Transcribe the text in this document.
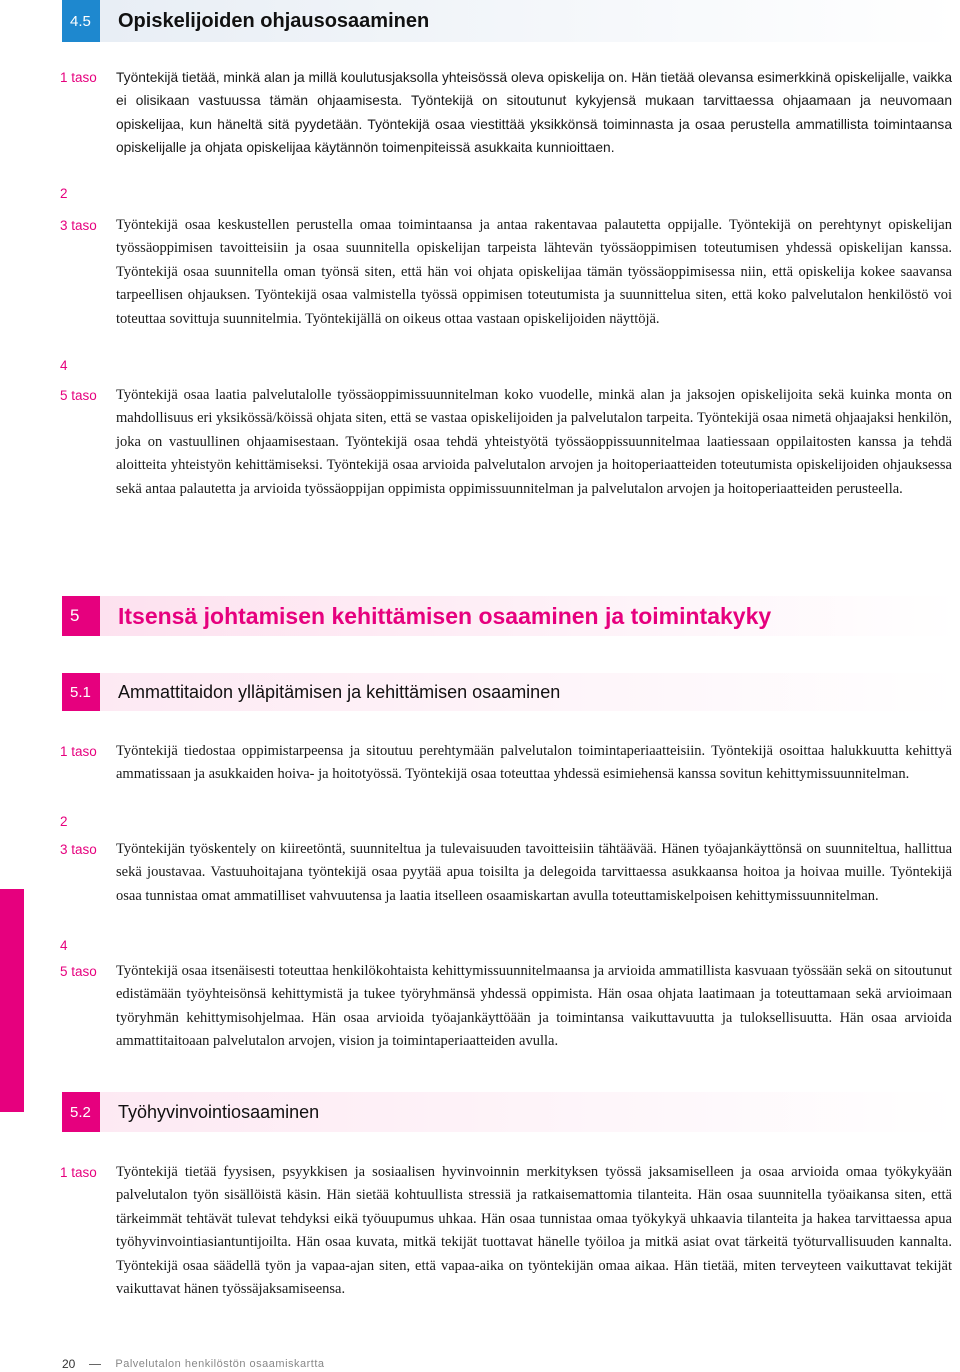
4.5	Opiskelijoiden ohjausosaaminen
1 taso	Työntekijä tietää, minkä alan ja millä koulutusjaksolla yhteisössä oleva opiskelija on. Hän tietää olevansa esimerkkinä opiskelijalle, vaikka ei olisikaan vastuussa tämän ohjaamisesta. Työntekijä on sitoutunut kykyjensä mukaan tarvittaessa ohjaamaan ja neuvomaan opiskelijaa, kun häneltä sitä pyydetään. Työntekijä osaa viestittää yksikkönsä toiminnasta ja osaa perustella ammatillista toimintaansa opiskelijalle ja ohjata opiskelijaa käytännön toimenpiteissä asukkaita kunnioittaen.

2
3 taso	Työntekijä osaa keskustellen perustella omaa toimintaansa ja antaa rakentavaa palautetta oppijalle. Työntekijä on perehtynyt opiskelijan työssäoppimisen tavoitteisiin ja osaa suunnitella opiskelijan tarpeista lähtevän työssäoppimisen toteutumisen yhdessä opiskelijan kanssa. Työntekijä osaa suunnitella oman työnsä siten, että hän voi ohjata opiskelijaa tämän työssäoppimisessa niin, että opiskelija kokee saavansa tarpeellisen ohjauksen. Työntekijä osaa valmistella työssä oppimisen toteutumista ja suunnittelua siten, että koko palvelutalon henkilöstö voi toteuttaa sovittuja suunnitelmia. Työntekijällä on oikeus ottaa vastaan opiskelijoiden näyttöjä.

4
5 taso	Työntekijä osaa laatia palvelutalolle työssäoppimissuunnitelman koko vuodelle, minkä alan ja jaksojen opiskelijoita sekä kuinka monta on mahdollisuus eri yksikössä/köissä ohjata siten, että se vastaa opiskelijoiden ja palvelutalon tarpeita. Työntekijä osaa nimetä ohjaajaksi henkilön, joka on vastuullinen ohjaamisestaan. Työntekijä osaa tehdä yhteistyötä työssäoppissuunnitelmaa laatiessaan oppilaitosten kanssa ja tehdä aloitteita yhteistyön kehittämiseksi. Työntekijä osaa arvioida palvelutalon arvojen ja hoitoperiaatteiden toteutumista opiskelijoiden ohjauksessa sekä antaa palautetta ja arvioida työssäoppijan oppimista oppimissuunnitelman ja palvelutalon arvojen ja hoitoperiaatteiden perusteella.

5	Itsensä johtamisen kehittämisen osaaminen ja toimintakyky
5.1	Ammattitaidon ylläpitämisen ja kehittämisen osaaminen
1 taso	Työntekijä tiedostaa oppimistarpeensa ja sitoutuu perehtymään palvelutalon toimintaperiaatteisiin. Työntekijä osoittaa halukkuutta kehittyä ammatissaan ja asukkaiden hoiva- ja hoitotyössä. Työntekijä osaa toteuttaa yhdessä esimiehensä kanssa sovitun kehittymissuunnitelman.

2
3 taso	Työntekijän työskentely on kiireetöntä, suunniteltua ja tulevaisuuden tavoitteisiin tähtäävää. Hänen työajankäyttönsä on suunniteltua, hallittua sekä joustavaa. Vastuuhoitajana työntekijä osaa pyytää apua toisilta ja delegoida tarvittaessa asukkaansa hoitoa ja hoivaa muille. Työntekijä osaa tunnistaa omat ammatilliset vahvuutensa ja laatia itselleen osaamiskartan avulla toteuttamiskelpoisen kehittymissuunnitelman.

4
5 taso	Työntekijä osaa itsenäisesti toteuttaa henkilökohtaista kehittymissuunnitelmaansa ja arvioida ammatillista kasvuaan työssään sekä on sitoutunut edistämään työyhteisönsä kehittymistä ja tukee työryhmänsä yhdessä oppimista. Hän osaa ohjata laatimaan ja toteuttamaan sekä arvioimaan työryhmän kehittymisohjelmaa. Hän osaa arvioida työajankäyttöään ja toimintansa vaikuttavuutta ja tuloksellisuutta. Hän osaa arvioida ammattitaitoaan palvelutalon arvojen, vision ja toimintaperiaatteiden avulla.

5.2	Työhyvinvointiosaaminen
1 taso	Työntekijä tietää fyysisen, psyykkisen ja sosiaalisen hyvinvoinnin merkityksen työssä jaksamiselleen ja osaa arvioida omaa työkykyään palvelutalon työn sisällöistä käsin. Hän sietää kohtuullista stressiä ja ratkaisemattomia tilanteita. Hän osaa suunnitella työaikansa siten, että tärkeimmät tehtävät tulevat tehdyksi eikä työuupumus uhkaa. Hän osaa tunnistaa omaa työkykyä uhkaavia tilanteita ja hakea tarvittaessa apua työhyvinvointiasiantuntijoilta. Hän osaa kuvata, mitkä tekijät tuottavat hänelle työiloa ja mitkä asiat ovat tärkeitä työturvallisuuden kannalta. Työntekijä osaa säädellä työn ja vapaa-ajan siten, että vapaa-aika on työntekijän omaa aikaa. Hän tietää, miten terveyteen vaikuttavat tekijät vaikuttavat hänen työssäjaksamiseensa.

20	Palvelutalon henkilöstön osaamiskartta
